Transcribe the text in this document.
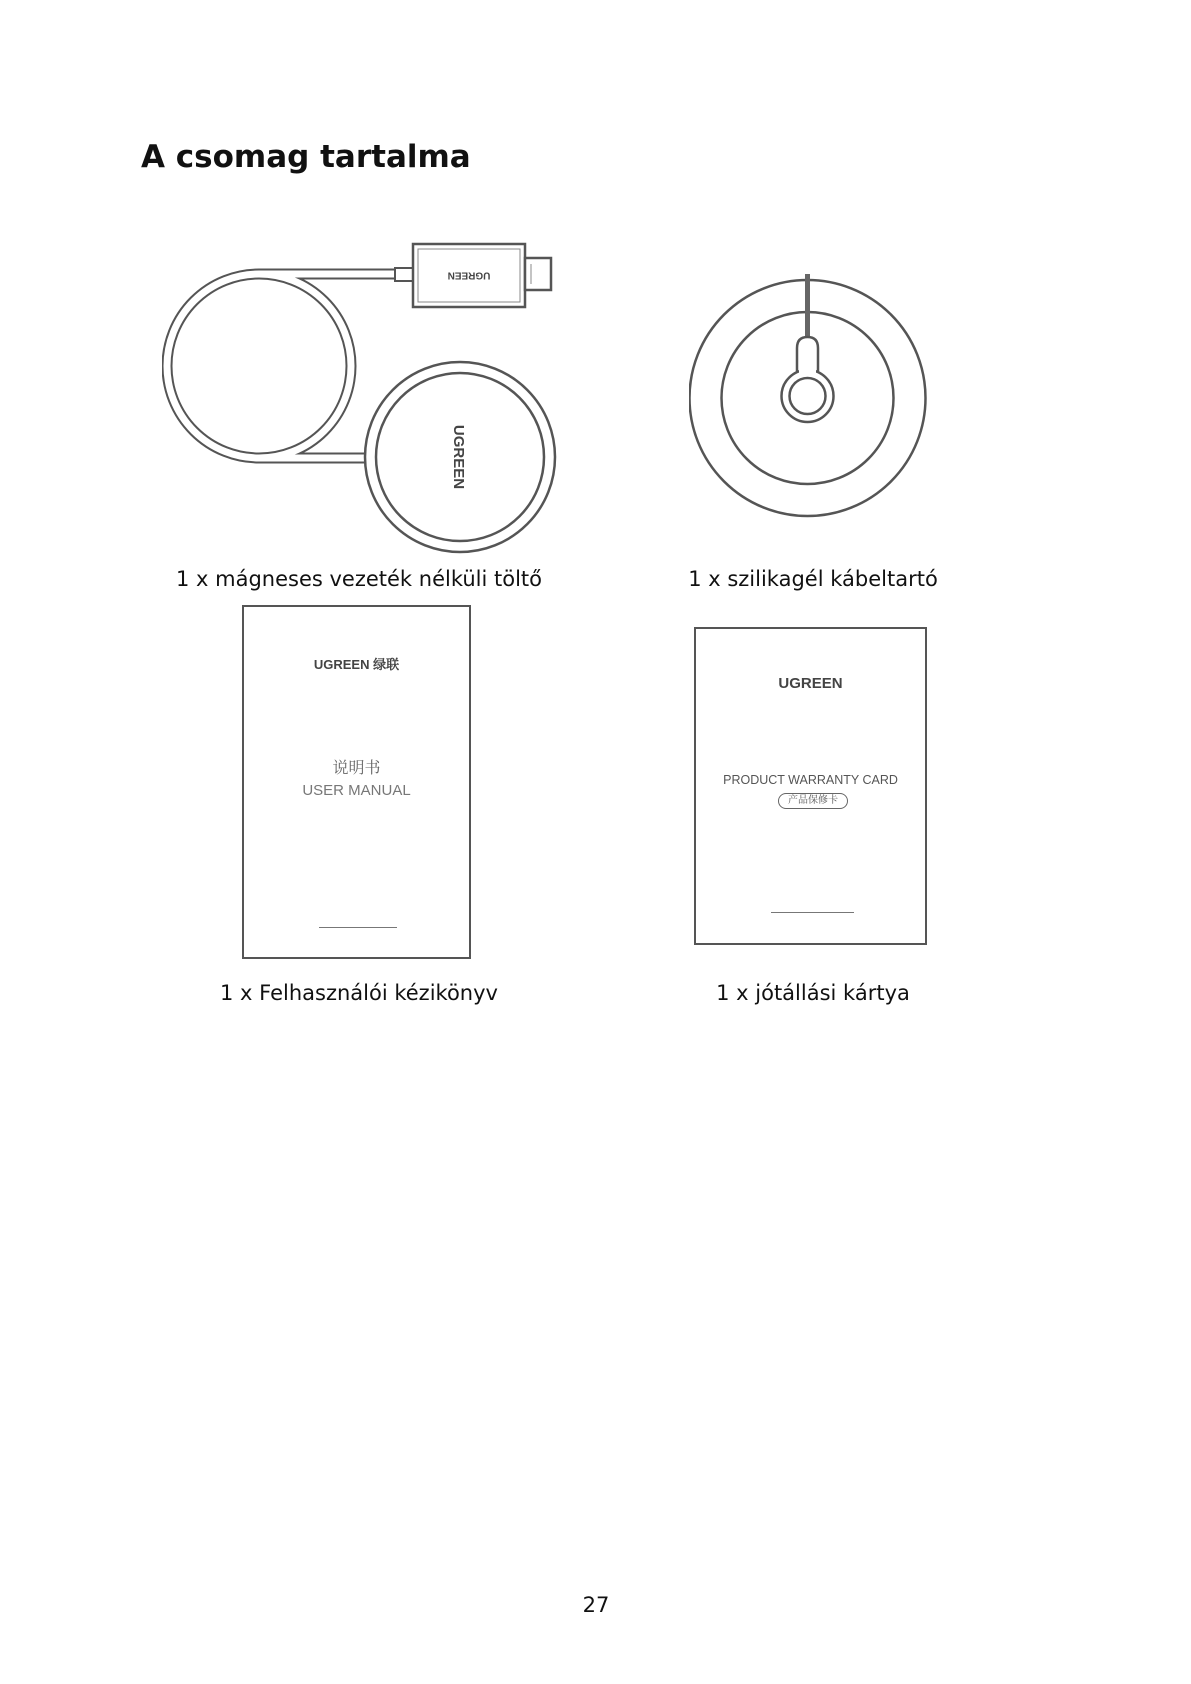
A csomag tartalma
UGREEN
UGREEN
1 x mágneses vezeték nélküli töltő	1 x szilikagél kábeltartó
UGREEN 绿联
说明书
USER MANUAL
UGREEN
PRODUCT WARRANTY CARD
产品保修卡
1 x Felhasználói kézikönyv	1 x jótállási kártya
27
